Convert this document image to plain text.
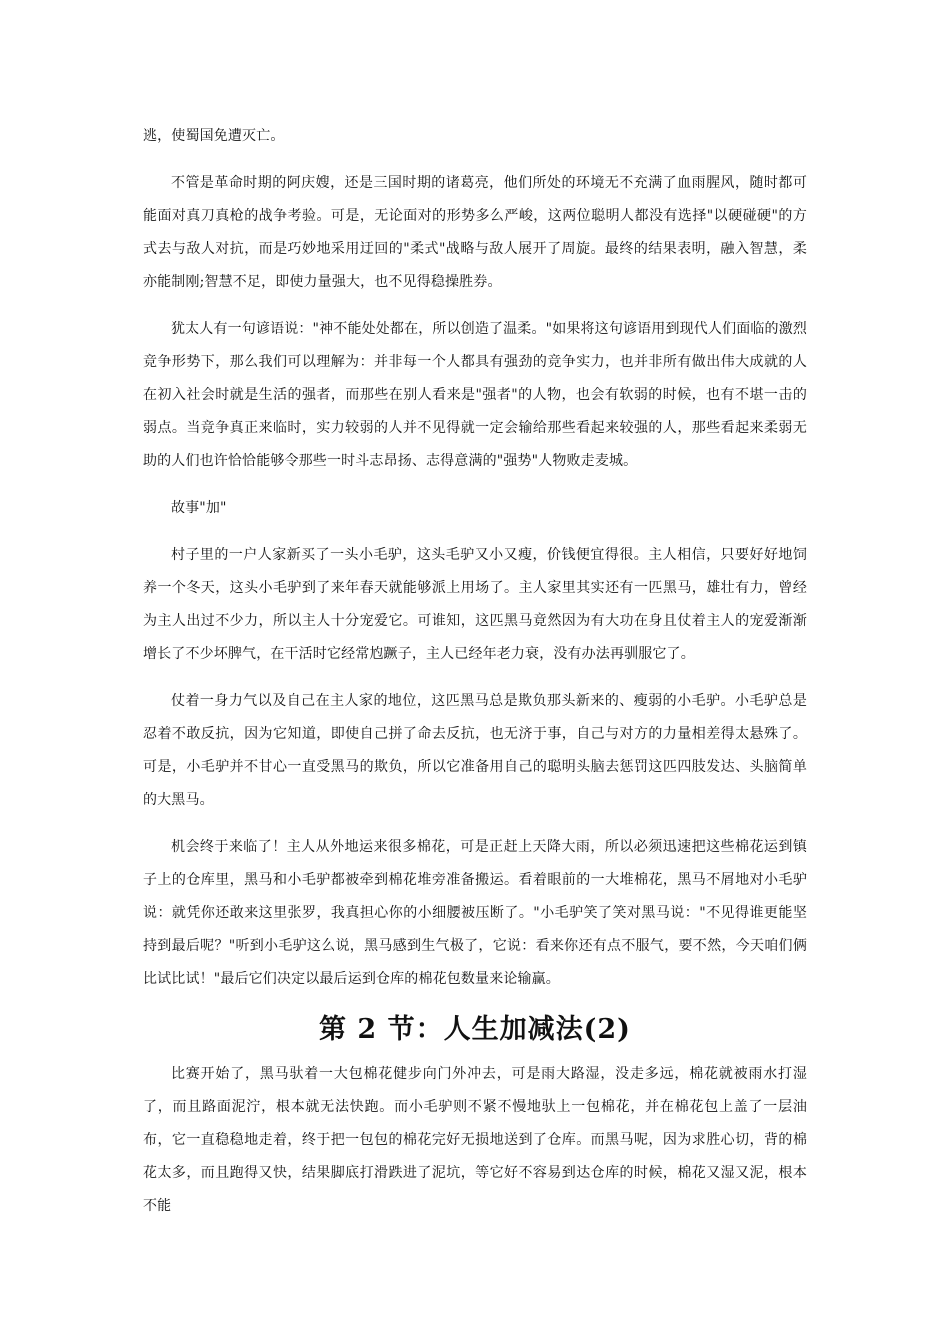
逃，使蜀国免遭灭亡。

不管是革命时期的阿庆嫂，还是三国时期的诸葛亮，他们所处的环境无不充满了血雨腥风，随时都可能面对真刀真枪的战争考验。可是，无论面对的形势多么严峻，这两位聪明人都没有选择"以硬碰硬"的方式去与敌人对抗，而是巧妙地采用迂回的"柔式"战略与敌人展开了周旋。最终的结果表明，融入智慧，柔亦能制刚;智慧不足，即使力量强大，也不见得稳操胜券。

犹太人有一句谚语说："神不能处处都在，所以创造了温柔。"如果将这句谚语用到现代人们面临的激烈竞争形势下，那么我们可以理解为：并非每一个人都具有强劲的竞争实力，也并非所有做出伟大成就的人在初入社会时就是生活的强者，而那些在别人看来是"强者"的人物，也会有软弱的时候，也有不堪一击的弱点。当竞争真正来临时，实力较弱的人并不见得就一定会输给那些看起来较强的人，那些看起来柔弱无助的人们也许恰恰能够令那些一时斗志昂扬、志得意满的"强势"人物败走麦城。

故事"加"

村子里的一户人家新买了一头小毛驴，这头毛驴又小又瘦，价钱便宜得很。主人相信，只要好好地饲养一个冬天，这头小毛驴到了来年春天就能够派上用场了。主人家里其实还有一匹黑马，雄壮有力，曾经为主人出过不少力，所以主人十分宠爱它。可谁知，这匹黑马竟然因为有大功在身且仗着主人的宠爱渐渐增长了不少坏脾气，在干活时它经常尥蹶子，主人已经年老力衰，没有办法再驯服它了。

仗着一身力气以及自己在主人家的地位，这匹黑马总是欺负那头新来的、瘦弱的小毛驴。小毛驴总是忍着不敢反抗，因为它知道，即使自己拼了命去反抗，也无济于事，自己与对方的力量相差得太悬殊了。可是，小毛驴并不甘心一直受黑马的欺负，所以它准备用自己的聪明头脑去惩罚这匹四肢发达、头脑简单的大黑马。

机会终于来临了！主人从外地运来很多棉花，可是正赶上天降大雨，所以必须迅速把这些棉花运到镇子上的仓库里，黑马和小毛驴都被牵到棉花堆旁准备搬运。看着眼前的一大堆棉花，黑马不屑地对小毛驴说：就凭你还敢来这里张罗，我真担心你的小细腰被压断了。"小毛驴笑了笑对黑马说："不见得谁更能坚持到最后呢？"听到小毛驴这么说，黑马感到生气极了，它说：看来你还有点不服气，要不然，今天咱们俩比试比试！"最后它们决定以最后运到仓库的棉花包数量来论输赢。

第 2 节：人生加减法(2)

比赛开始了，黑马驮着一大包棉花健步向门外冲去，可是雨大路湿，没走多远，棉花就被雨水打湿了，而且路面泥泞，根本就无法快跑。而小毛驴则不紧不慢地驮上一包棉花，并在棉花包上盖了一层油布，它一直稳稳地走着，终于把一包包的棉花完好无损地送到了仓库。而黑马呢，因为求胜心切，背的棉花太多，而且跑得又快，结果脚底打滑跌进了泥坑，等它好不容易到达仓库的时候，棉花又湿又泥，根本不能
